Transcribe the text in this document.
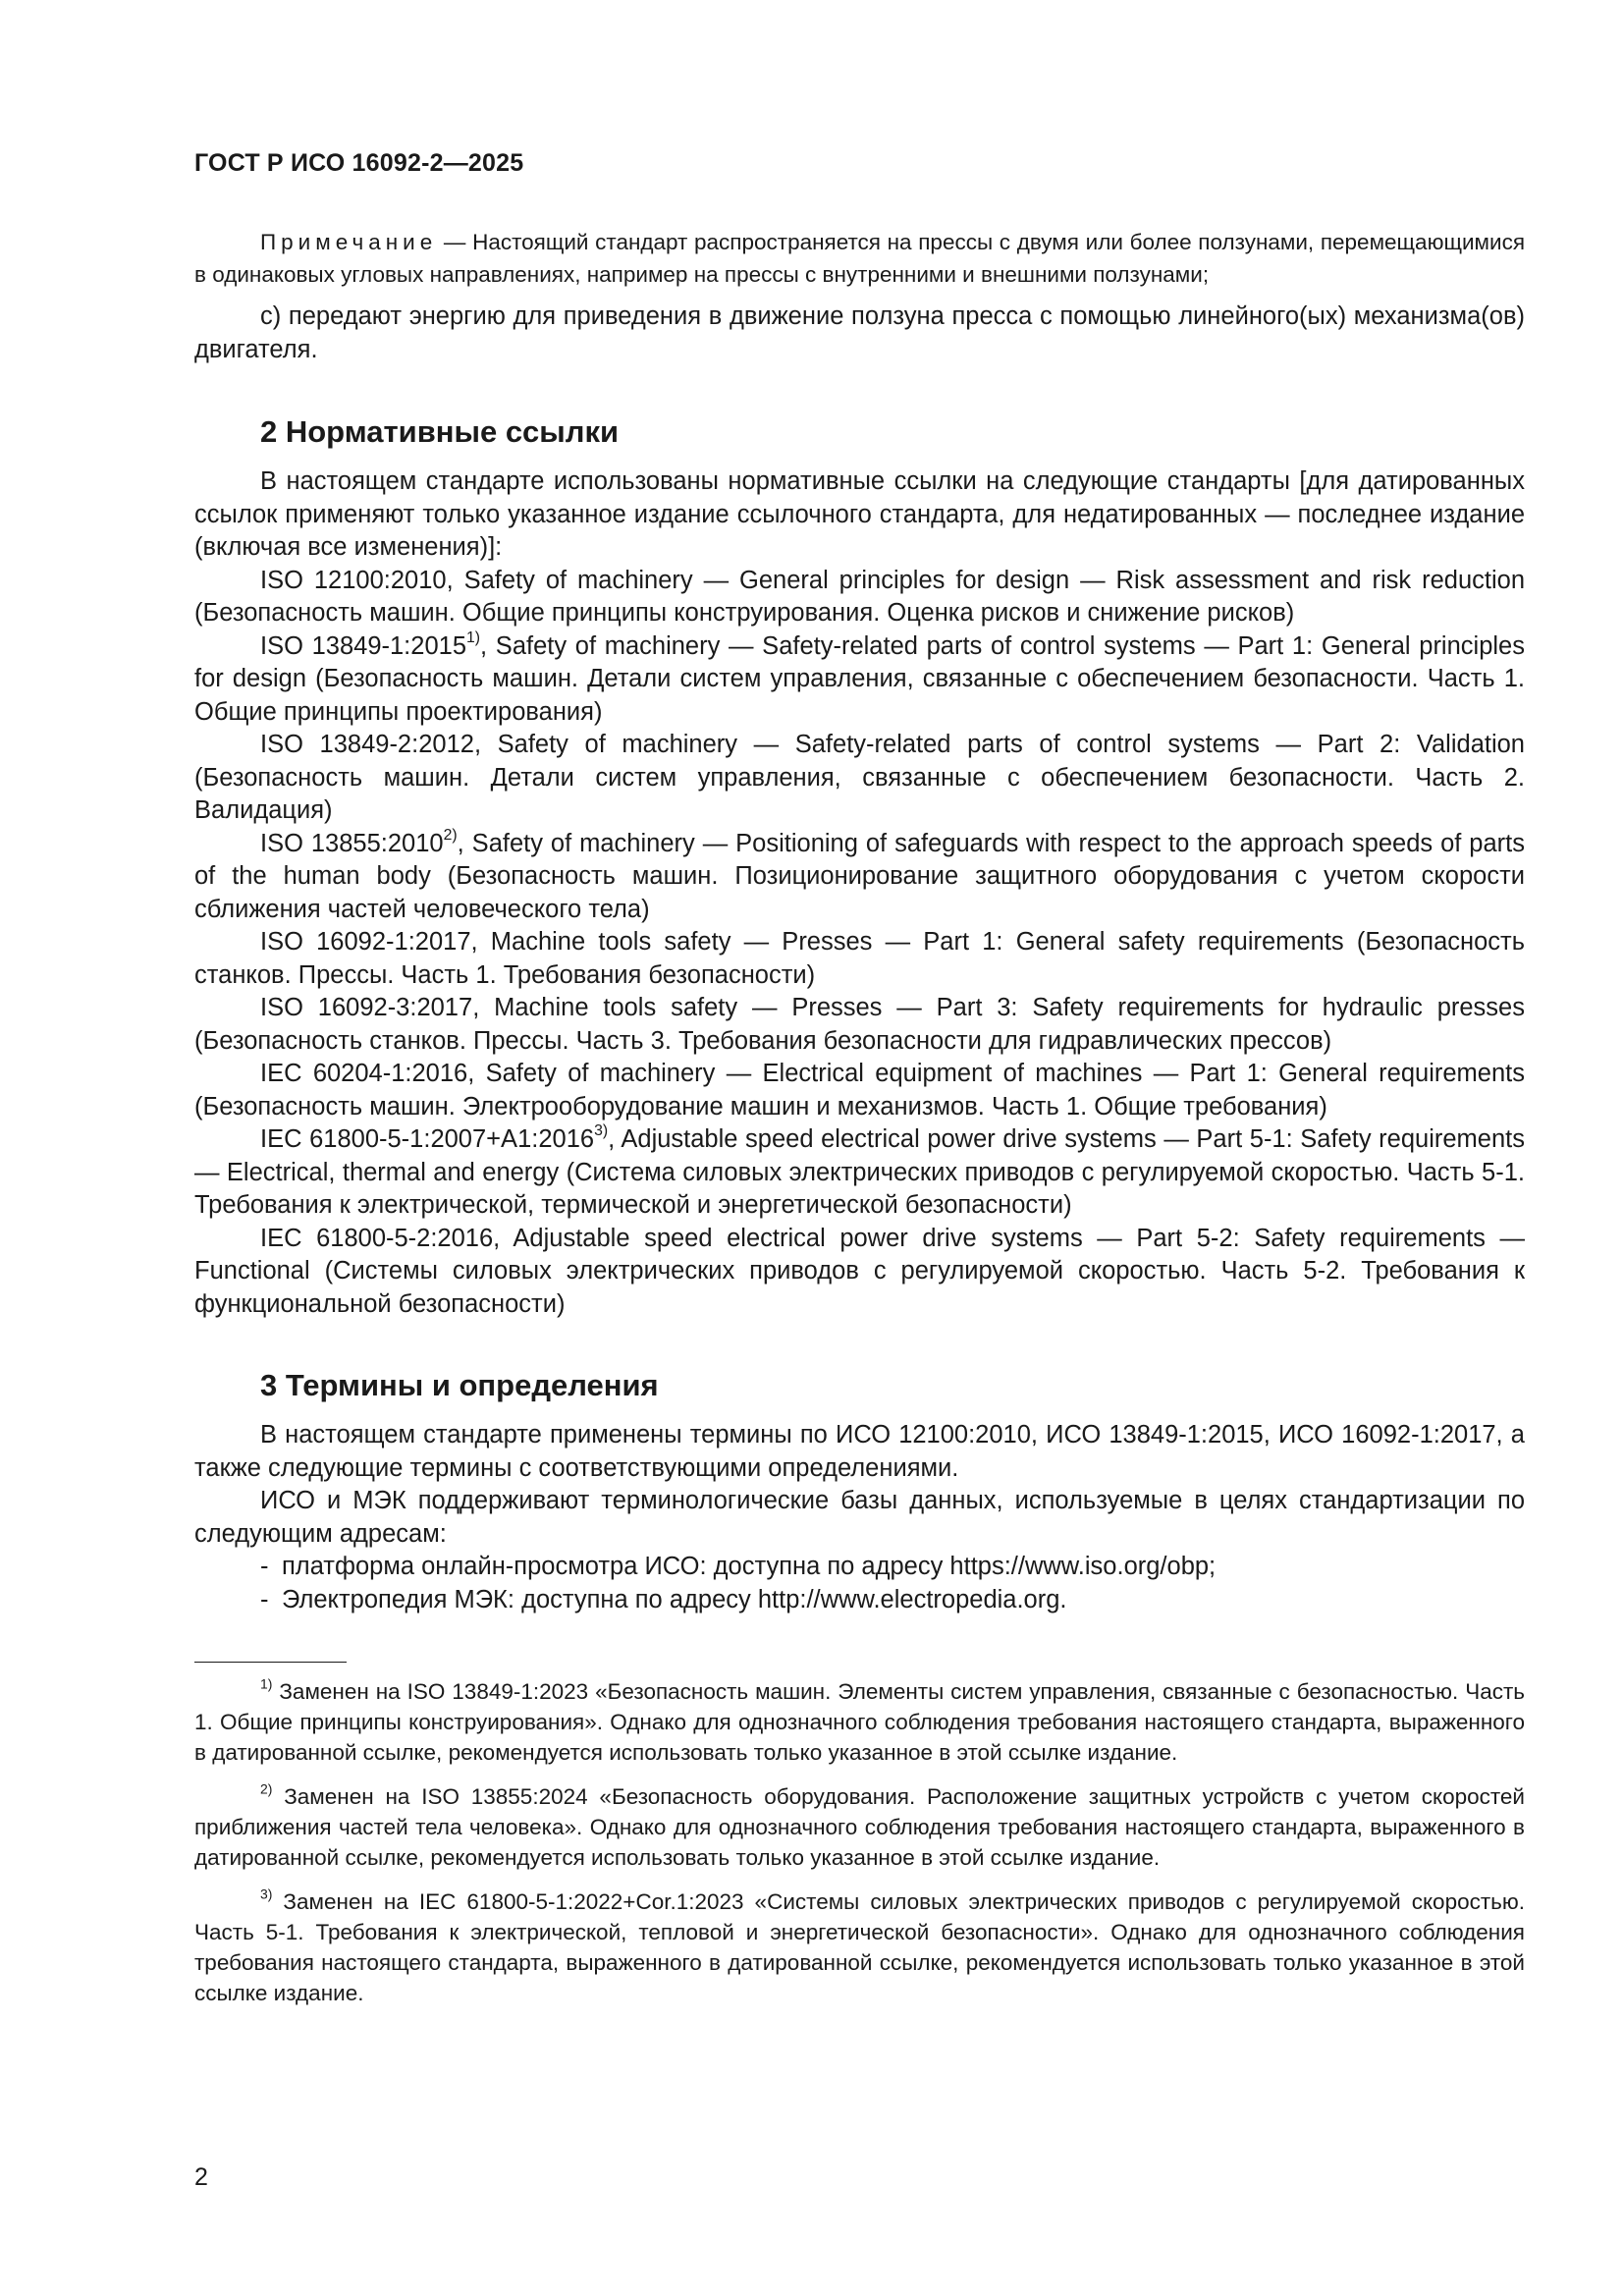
ГОСТ Р ИСО 16092-2—2025

Примечание — Настоящий стандарт распространяется на прессы с двумя или более ползунами, перемещающимися в одинаковых угловых направлениях, например на прессы с внутренними и внешними ползунами;

c) передают энергию для приведения в движение ползуна пресса с помощью линейного(ых) механизма(ов) двигателя.

2 Нормативные ссылки

В настоящем стандарте использованы нормативные ссылки на следующие стандарты [для датированных ссылок применяют только указанное издание ссылочного стандарта, для недатированных — последнее издание (включая все изменения)]:

ISO 12100:2010, Safety of machinery — General principles for design — Risk assessment and risk reduction (Безопасность машин. Общие принципы конструирования. Оценка рисков и снижение рисков)

ISO 13849-1:2015$^{1)}$, Safety of machinery — Safety-related parts of control systems — Part 1: General principles for design (Безопасность машин. Детали систем управления, связанные с обеспечением безопасности. Часть 1. Общие принципы проектирования)

ISO 13849-2:2012, Safety of machinery — Safety-related parts of control systems — Part 2: Validation (Безопасность машин. Детали систем управления, связанные с обеспечением безопасности. Часть 2. Валидация)

ISO 13855:2010$^{2)}$, Safety of machinery — Positioning of safeguards with respect to the approach speeds of parts of the human body (Безопасность машин. Позиционирование защитного оборудования с учетом скорости сближения частей человеческого тела)

ISO 16092-1:2017, Machine tools safety — Presses — Part 1: General safety requirements (Безопасность станков. Прессы. Часть 1. Требования безопасности)

ISO 16092-3:2017, Machine tools safety — Presses — Part 3: Safety requirements for hydraulic presses (Безопасность станков. Прессы. Часть 3. Требования безопасности для гидравлических прессов)

IEC 60204-1:2016, Safety of machinery — Electrical equipment of machines — Part 1: General requirements (Безопасность машин. Электрооборудование машин и механизмов. Часть 1. Общие требования)

IEC $61800-5-1:2007+A1:2016^{3)}$, Adjustable speed electrical power drive systems — Part 5-1: Safety requirements — Electrical, thermal and energy (Система силовых электрических приводов с регулируемой скоростью. Часть 5-1. Требования к электрической, термической и энергетической безопасности)

IEC 61800-5-2:2016, Adjustable speed electrical power drive systems — Part 5-2: Safety requirements — Functional (Системы силовых электрических приводов с регулируемой скоростью. Часть 5-2. Требования к функциональной безопасности)

3 Термины и определения

В настоящем стандарте применены термины по ИСО 12100:2010, ИСО 13849-1:2015, ИСО 16092-1:2017, а также следующие термины с соответствующими определениями.

ИСО и МЭК поддерживают терминологические базы данных, используемые в целях стандартизации по следующим адресам:

- платформа онлайн-просмотра ИСО: доступна по адресу https://www.iso.org/obp;

- Электропедия МЭК: доступна по адресу http://www.electropedia.org.

$^{1)}$ Заменен на ISO 13849-1:2023 «Безопасность машин. Элементы систем управления, связанные с безопасностью. Часть 1. Общие принципы конструирования». Однако для однозначного соблюдения требования настоящего стандарта, выраженного в датированной ссылке, рекомендуется использовать только указанное в этой ссылке издание.

$^{2)}$ Заменен на ISO 13855:2024 «Безопасность оборудования. Расположение защитных устройств с учетом скоростей приближения частей тела человека». Однако для однозначного соблюдения требования настоящего стандарта, выраженного в датированной ссылке, рекомендуется использовать только указанное в этой ссылке издание.

$^{3)}$ Заменен на IEC 61800-5-1:2022+Cor.1:2023 «Системы силовых электрических приводов с регулируемой скоростью. Часть 5-1. Требования к электрической, тепловой и энергетической безопасности». Однако для однозначного соблюдения требования настоящего стандарта, выраженного в датированной ссылке, рекомендуется использовать только указанное в этой ссылке издание.

2
